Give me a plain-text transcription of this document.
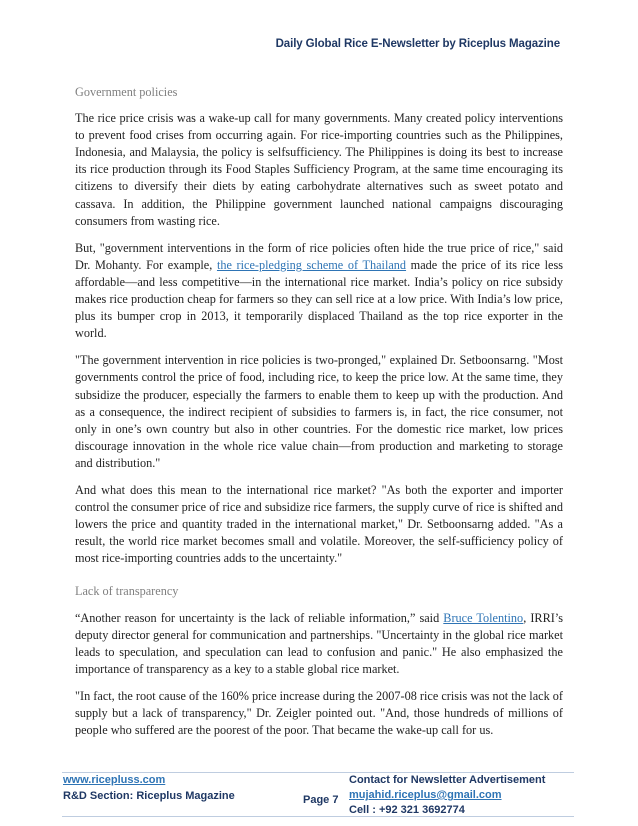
Daily Global Rice E-Newsletter by Riceplus Magazine
Government policies

The rice price crisis was a wake-up call for many governments. Many created policy interventions to prevent food crises from occurring again. For rice-importing countries such as the Philippines, Indonesia, and Malaysia, the policy is selfsufficiency. The Philippines is doing its best to increase its rice production through its Food Staples Sufficiency Program, at the same time encouraging its citizens to diversify their diets by eating carbohydrate alternatives such as sweet potato and cassava. In addition, the Philippine government launched national campaigns discouraging consumers from wasting rice.

But, "government interventions in the form of rice policies often hide the true price of rice," said Dr. Mohanty. For example, the rice-pledging scheme of Thailand made the price of its rice less affordable—and less competitive—in the international rice market. India’s policy on rice subsidy makes rice production cheap for farmers so they can sell rice at a low price. With India’s low price, plus its bumper crop in 2013, it temporarily displaced Thailand as the top rice exporter in the world.

"The government intervention in rice policies is two-pronged," explained Dr. Setboonsarng. "Most governments control the price of food, including rice, to keep the price low. At the same time, they subsidize the producer, especially the farmers to enable them to keep up with the production. And as a consequence, the indirect recipient of subsidies to farmers is, in fact, the rice consumer, not only in one’s own country but also in other countries. For the domestic rice market, low prices discourage innovation in the whole rice value chain—from production and marketing to storage and distribution."

And what does this mean to the international rice market? "As both the exporter and importer control the consumer price of rice and subsidize rice farmers, the supply curve of rice is shifted and lowers the price and quantity traded in the international market," Dr. Setboonsarng added. "As a result, the world rice market becomes small and volatile. Moreover, the self-sufficiency policy of most rice-importing countries adds to the uncertainty."

Lack of transparency

“Another reason for uncertainty is the lack of reliable information,” said Bruce Tolentino, IRRI’s deputy director general for communication and partnerships. "Uncertainty in the global rice market leads to speculation, and speculation can lead to confusion and panic." He also emphasized the importance of transparency as a key to a stable global rice market.

"In fact, the root cause of the 160% price increase during the 2007-08 rice crisis was not the lack of supply but a lack of transparency," Dr. Zeigler pointed out. "And, those hundreds of millions of people who suffered are the poorest of the poor. That became the wake-up call for us.

www.ricepluss.com
R&D Section: Riceplus Magazine	Page 7
Contact for Newsletter Advertisement
mujahid.riceplus@gmail.com
Cell : +92 321 3692774
